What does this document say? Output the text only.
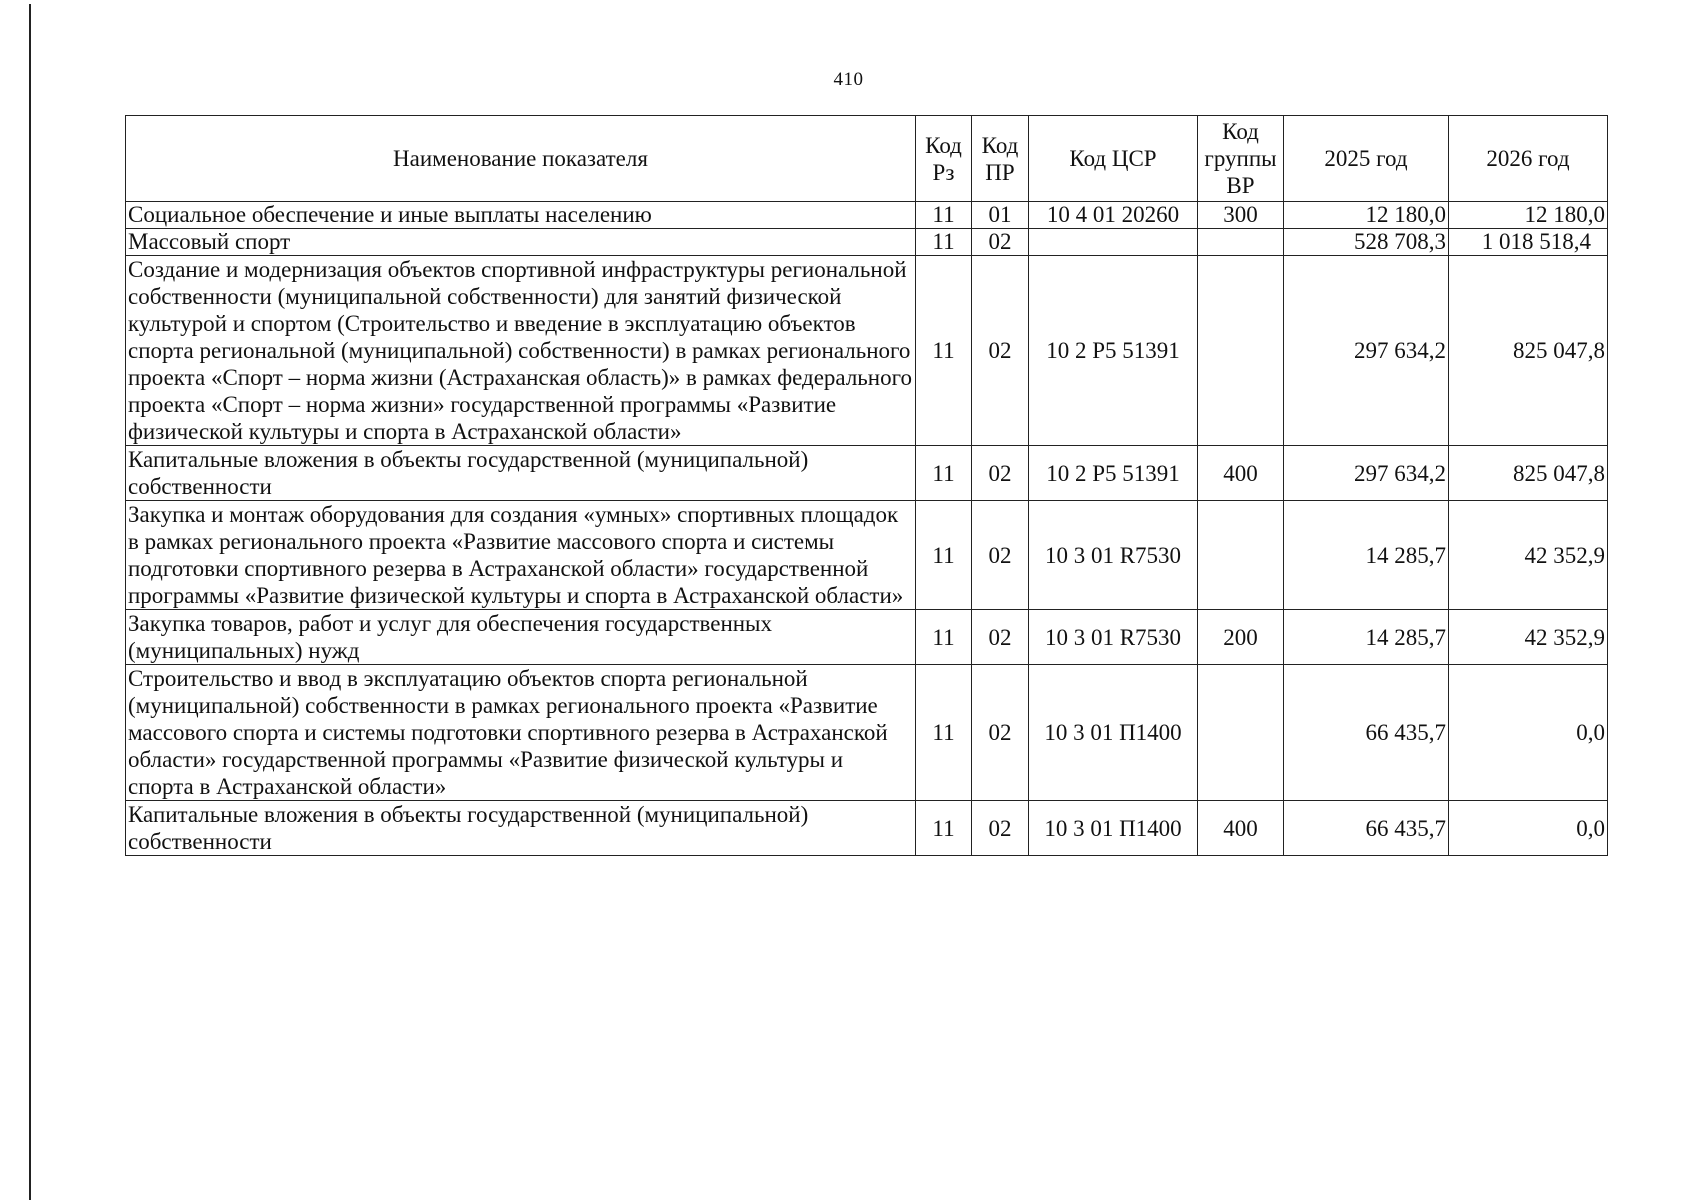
410
Наименование показателя	Код Рз	Код ПР	Код ЦСР	Код группы ВР	2025 год	2026 год
Социальное обеспечение и иные выплаты населению	11	01	10 4 01 20260	300	12 180,0	12 180,0
Массовый спорт	11	02			528 708,3	1 018 518,4
Создание и модернизация объектов спортивной инфраструктуры региональной собственности (муниципальной собственности) для занятий физической культурой и спортом (Строительство и введение в эксплуатацию объектов спорта региональной (муниципальной) собственности) в рамках регионального проекта «Спорт – норма жизни (Астраханская область)» в рамках федерального проекта «Спорт – норма жизни» государственной программы «Развитие физической культуры и спорта в Астраханской области»	11	02	10 2 Р5 51391		297 634,2	825 047,8
Капитальные вложения в объекты государственной (муниципальной) собственности	11	02	10 2 Р5 51391	400	297 634,2	825 047,8
Закупка и монтаж оборудования для создания «умных» спортивных площадок в рамках регионального проекта «Развитие массового спорта и системы подготовки спортивного резерва в Астраханской области» государственной программы «Развитие физической культуры и спорта в Астраханской области»	11	02	10 3 01 R7530		14 285,7	42 352,9
Закупка товаров, работ и услуг для обеспечения государственных (муниципальных) нужд	11	02	10 3 01 R7530	200	14 285,7	42 352,9
Строительство и ввод в эксплуатацию объектов спорта региональной (муниципальной) собственности в рамках регионального проекта «Развитие массового спорта и системы подготовки спортивного резерва в Астраханской области» государственной программы «Развитие физической культуры и спорта в Астраханской области»	11	02	10 3 01 П1400		66 435,7	0,0
Капитальные вложения в объекты государственной (муниципальной) собственности	11	02	10 3 01 П1400	400	66 435,7	0,0
